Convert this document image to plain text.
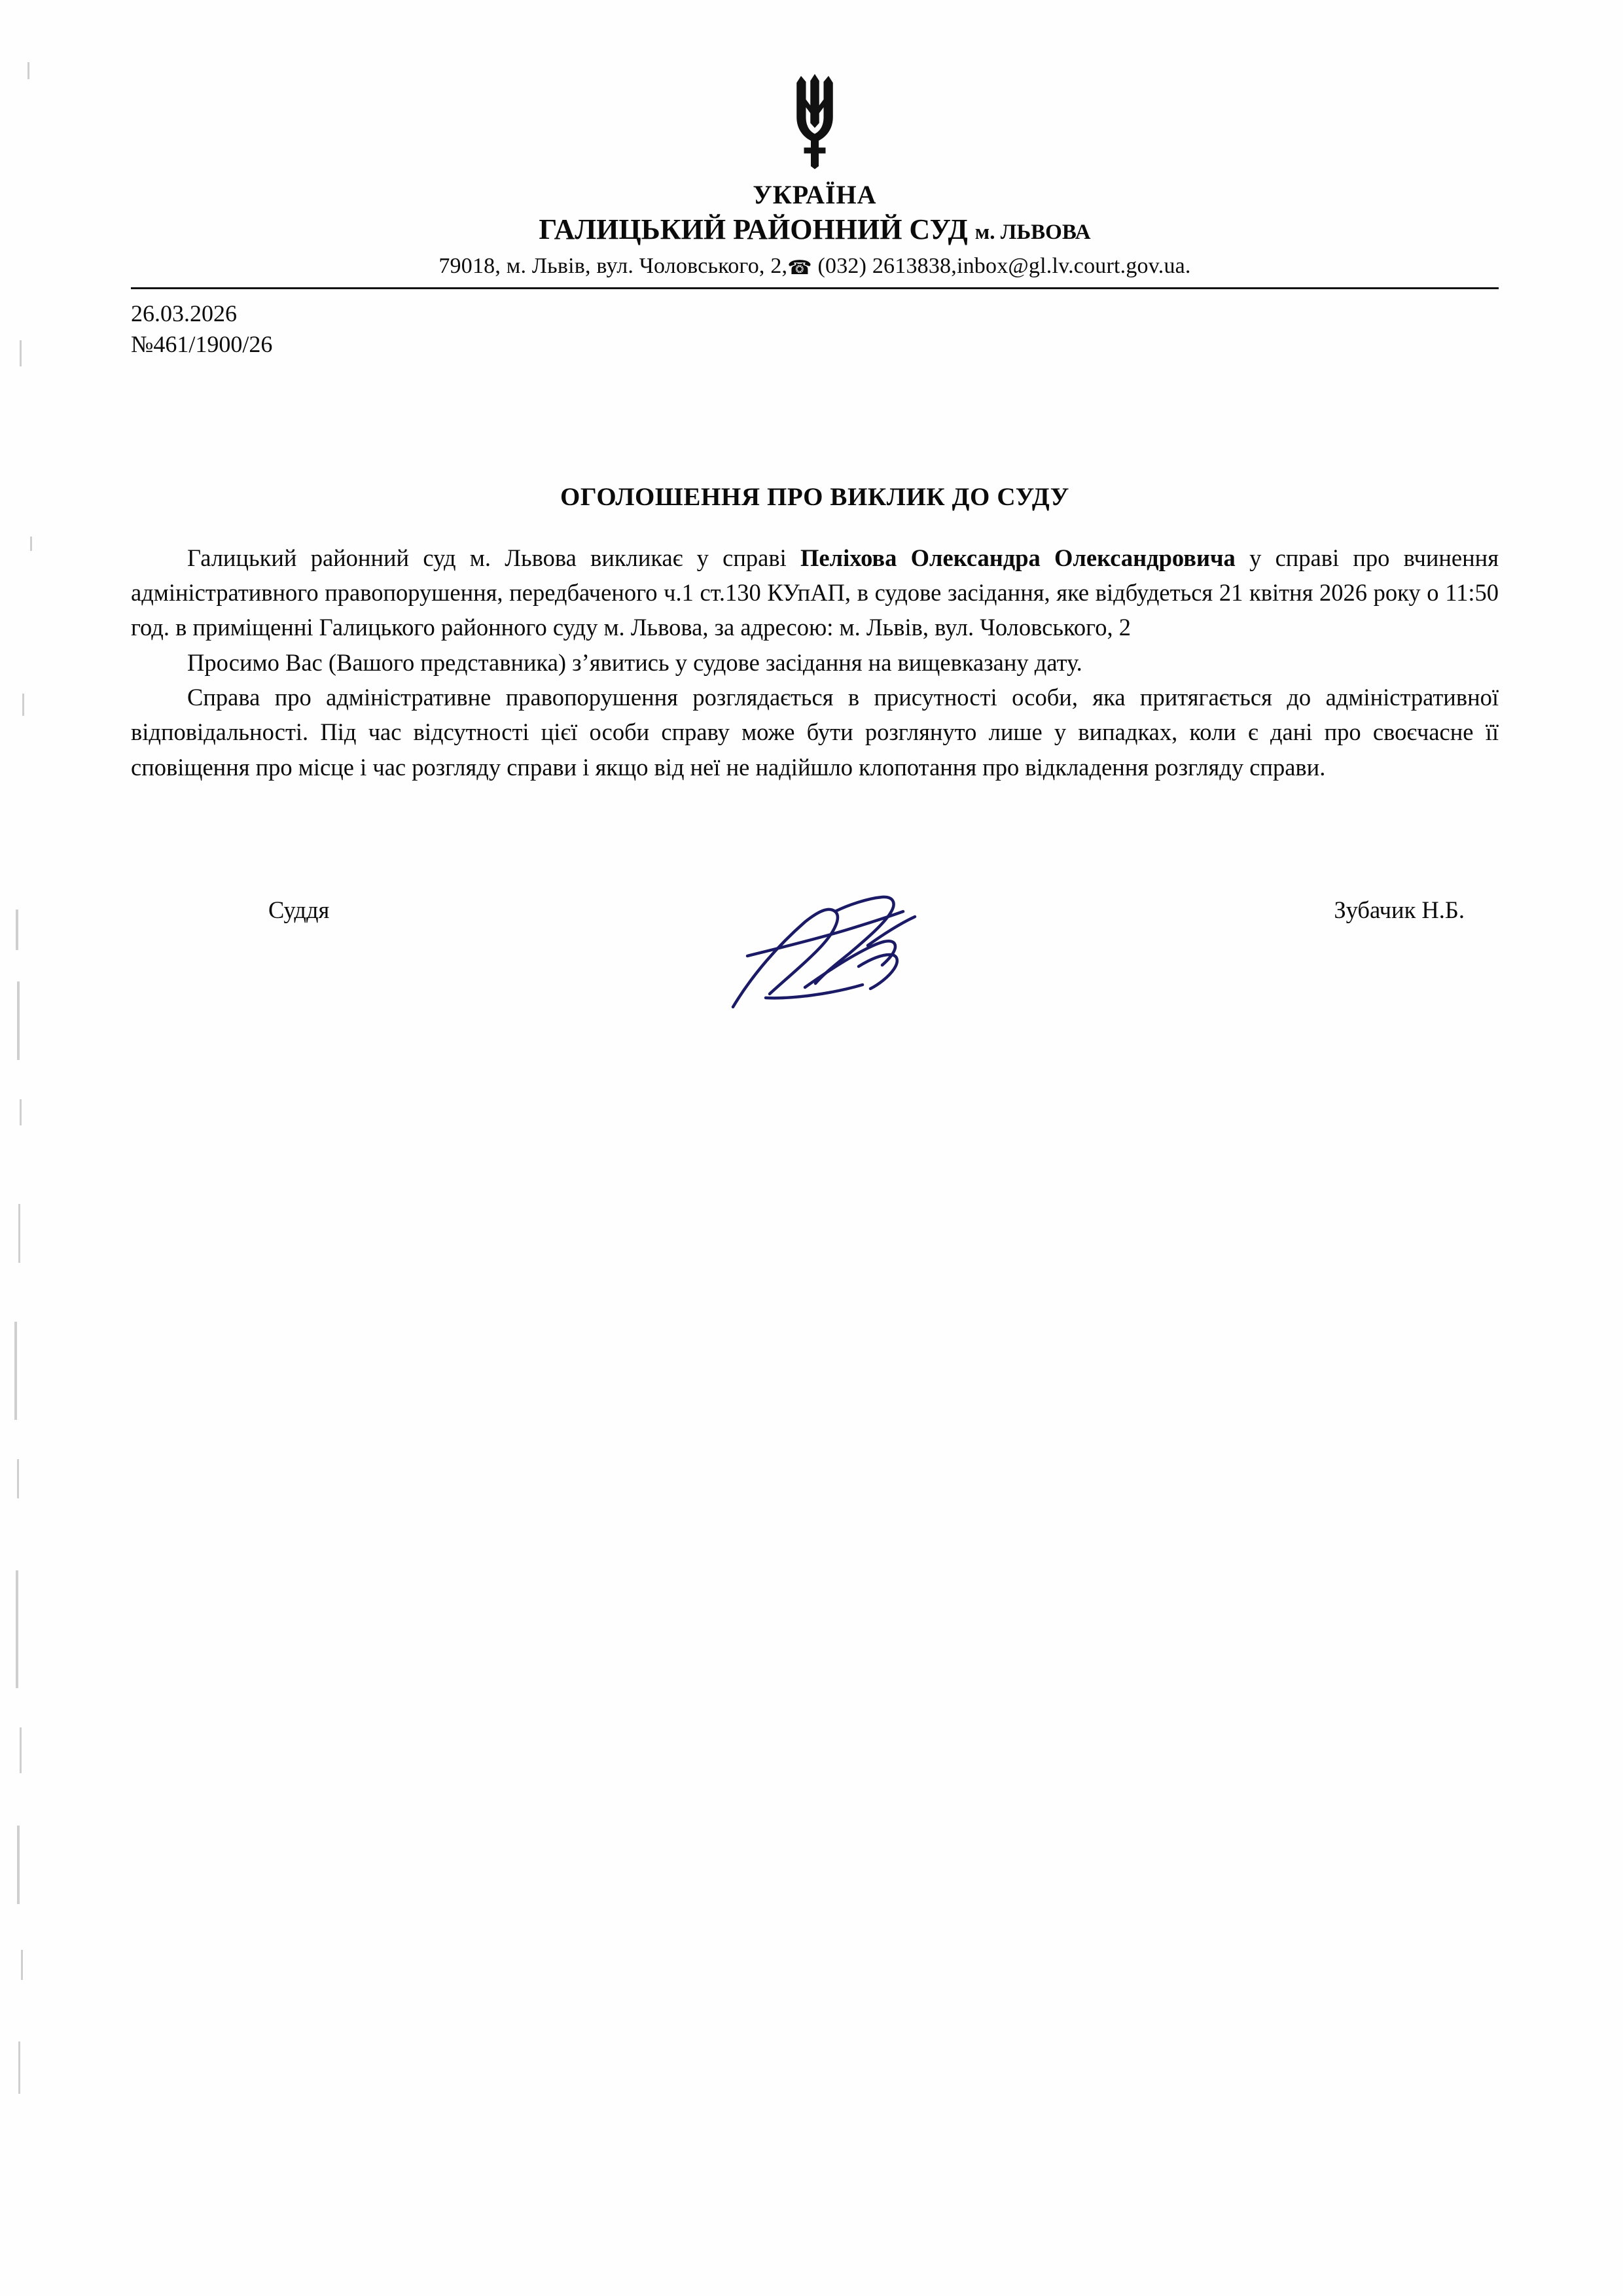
УКРАЇНА
ГАЛИЦЬКИЙ РАЙОННИЙ СУД м. ЛЬВОВА
79018, м. Львів, вул. Чоловського, 2,☎ (032) 2613838,inbox@gl.lv.court.gov.ua.
26.03.2026
№461/1900/26
ОГОЛОШЕННЯ ПРО ВИКЛИК ДО СУДУ

Галицький районний суд м. Львова викликає у справі Пеліхова Олександра Олександровича у справі про вчинення адміністративного правопорушення, передбаченого ч.1 ст.130 КУпАП, в судове засідання, яке відбудеться 21 квітня 2026 року о 11:50 год. в приміщенні Галицького районного суду м. Львова, за адресою: м. Львів, вул. Чоловського, 2

Просимо Вас (Вашого представника) з’явитись у судове засідання на вищевказану дату.

Справа про адміністративне правопорушення розглядається в присутності особи, яка притягається до адміністративної відповідальності. Під час відсутності цієї особи справу може бути розглянуто лише у випадках, коли є дані про своєчасне її сповіщення про місце і час розгляду справи і якщо від неї не надійшло клопотання про відкладення розгляду справи.

Суддя	Зубачик Н.Б.
